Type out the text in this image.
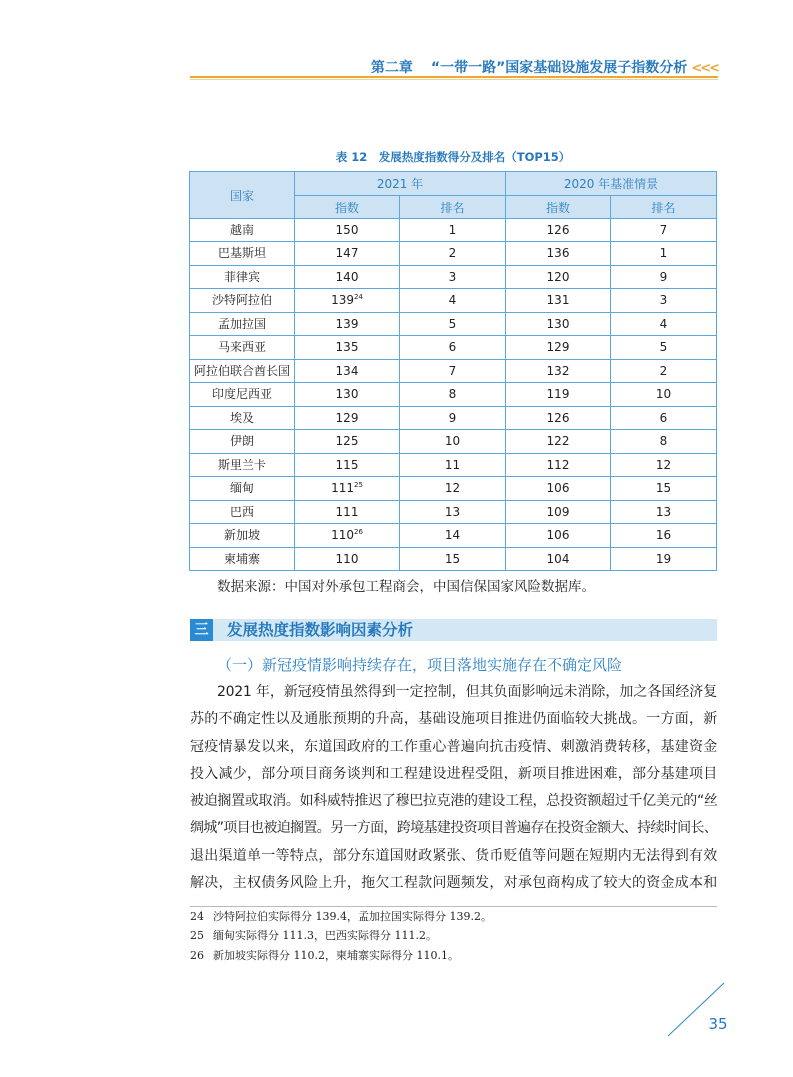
第二章 “一带一路”国家基础设施发展子指数分析 <<<
表 12　发展热度指数得分及排名（TOP15）
国家
2021 年	2020 年基准情景
指数	排名	指数	排名
越南	150	1	126	7
巴基斯坦	147	2	136	1
菲律宾	140	3	120	9
沙特阿拉伯	$139^{24}$	4	131	3
孟加拉国	139	5	130	4
马来西亚	135	6	129	5
阿拉伯联合酋长国	134	7	132	2
印度尼西亚	130	8	119	10
埃及	129	9	126	6
伊朗	125	10	122	8
斯里兰卡	115	11	112	12
缅甸	$111^{25}$	12	106	15
巴西	111	13	109	13
新加坡	$110^{26}$	14	106	16
柬埔寨	110	15	104	19
数据来源：中国对外承包工程商会，中国信保国家风险数据库。
三 发展热度指数影响因素分析
（一）新冠疫情影响持续存在，项目落地实施存在不确定风险
2021 年，新冠疫情虽然得到一定控制，但其负面影响远未消除，加之各国经济复
苏的不确定性以及通胀预期的升高，基础设施项目推进仍面临较大挑战。一方面，新
冠疫情暴发以来，东道国政府的工作重心普遍向抗击疫情、刺激消费转移，基建资金
投入减少，部分项目商务谈判和工程建设进程受阻，新项目推进困难，部分基建项目
被迫搁置或取消。如科威特推迟了穆巴拉克港的建设工程，总投资额超过千亿美元的“丝
绸城”项目也被迫搁置。另一方面，跨境基建投资项目普遍存在投资金额大、持续时间长、
退出渠道单一等特点，部分东道国财政紧张、货币贬值等问题在短期内无法得到有效
解决，主权债务风险上升，拖欠工程款问题频发，对承包商构成了较大的资金成本和
24 沙特阿拉伯实际得分 139.4，孟加拉国实际得分 139.2。
25 缅甸实际得分 111.3，巴西实际得分 111.2。
26 新加坡实际得分 110.2，柬埔寨实际得分 110.1。
35
